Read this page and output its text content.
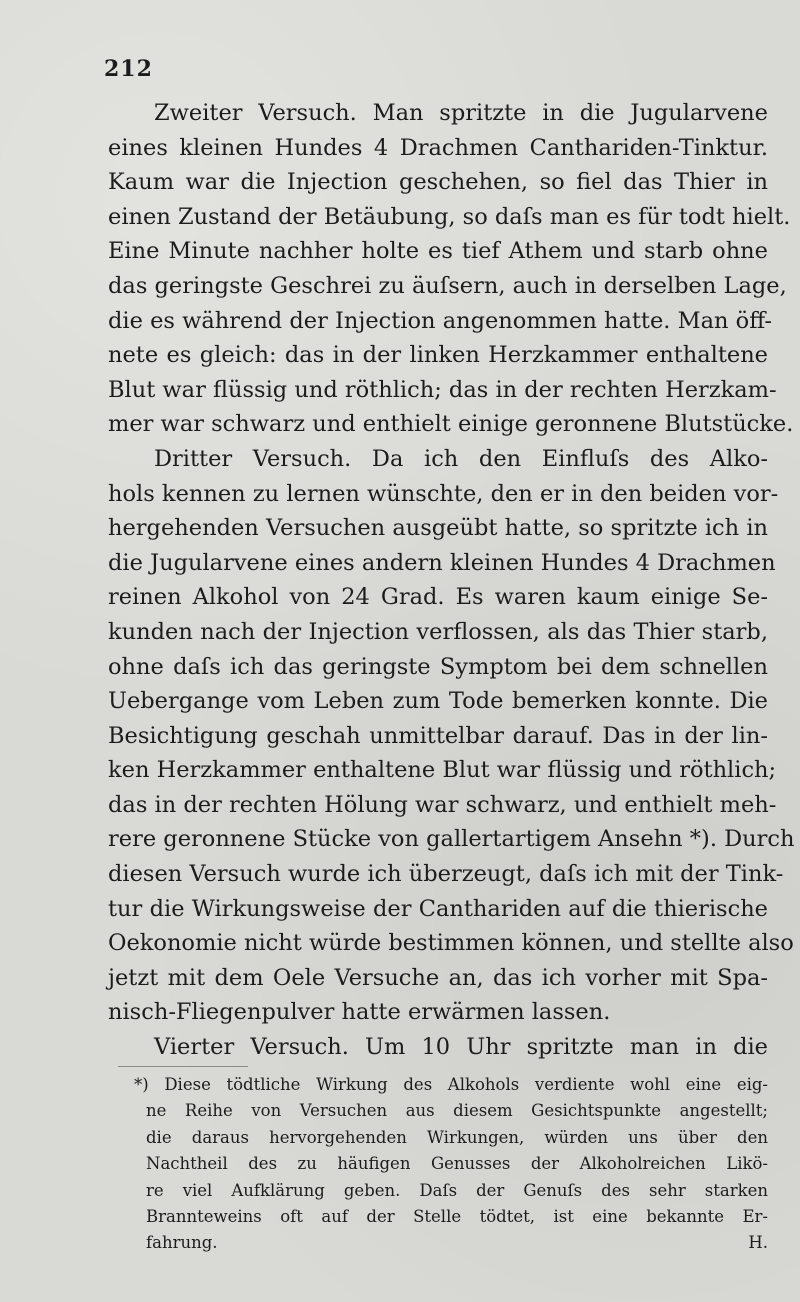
212
Zweiter Versuch. Man spritzte in die Jugularvene
eines kleinen Hundes 4 Drachmen Canthariden-Tinktur.
Kaum war die Injection geschehen, so fiel das Thier in
einen Zustand der Betäubung, so daſs man es für todt hielt.
Eine Minute nachher holte es tief Athem und starb ohne
das geringste Geschrei zu äuſsern, auch in derselben Lage,
die es während der Injection angenommen hatte. Man öff-
nete es gleich: das in der linken Herzkammer enthaltene
Blut war flüssig und röthlich; das in der rechten Herzkam-
mer war schwarz und enthielt einige geronnene Blutstücke.
Dritter Versuch. Da ich den Einfluſs des Alko-
hols kennen zu lernen wünschte, den er in den beiden vor-
hergehenden Versuchen ausgeübt hatte, so spritzte ich in
die Jugularvene eines andern kleinen Hundes 4 Drachmen
reinen Alkohol von 24 Grad. Es waren kaum einige Se-
kunden nach der Injection verflossen, als das Thier starb,
ohne daſs ich das geringste Symptom bei dem schnellen
Uebergange vom Leben zum Tode bemerken konnte. Die
Besichtigung geschah unmittelbar darauf. Das in der lin-
ken Herzkammer enthaltene Blut war flüssig und röthlich;
das in der rechten Hölung war schwarz, und enthielt meh-
rere geronnene Stücke von gallertartigem Ansehn *). Durch
diesen Versuch wurde ich überzeugt, daſs ich mit der Tink-
tur die Wirkungsweise der Canthariden auf die thierische
Oekonomie nicht würde bestimmen können, und stellte also
jetzt mit dem Oele Versuche an, das ich vorher mit Spa-
nisch-Fliegenpulver hatte erwärmen lassen.
Vierter Versuch. Um 10 Uhr spritzte man in die
*) Diese tödtliche Wirkung des Alkohols verdiente wohl eine eig-
ne Reihe von Versuchen aus diesem Gesichtspunkte angestellt;
die daraus hervorgehenden Wirkungen, würden uns über den
Nachtheil des zu häufigen Genusses der Alkoholreichen Likö-
re viel Aufklärung geben. Daſs der Genuſs des sehr starken
Brannteweins oft auf der Stelle tödtet, ist eine bekannte Er-
fahrung. H.
